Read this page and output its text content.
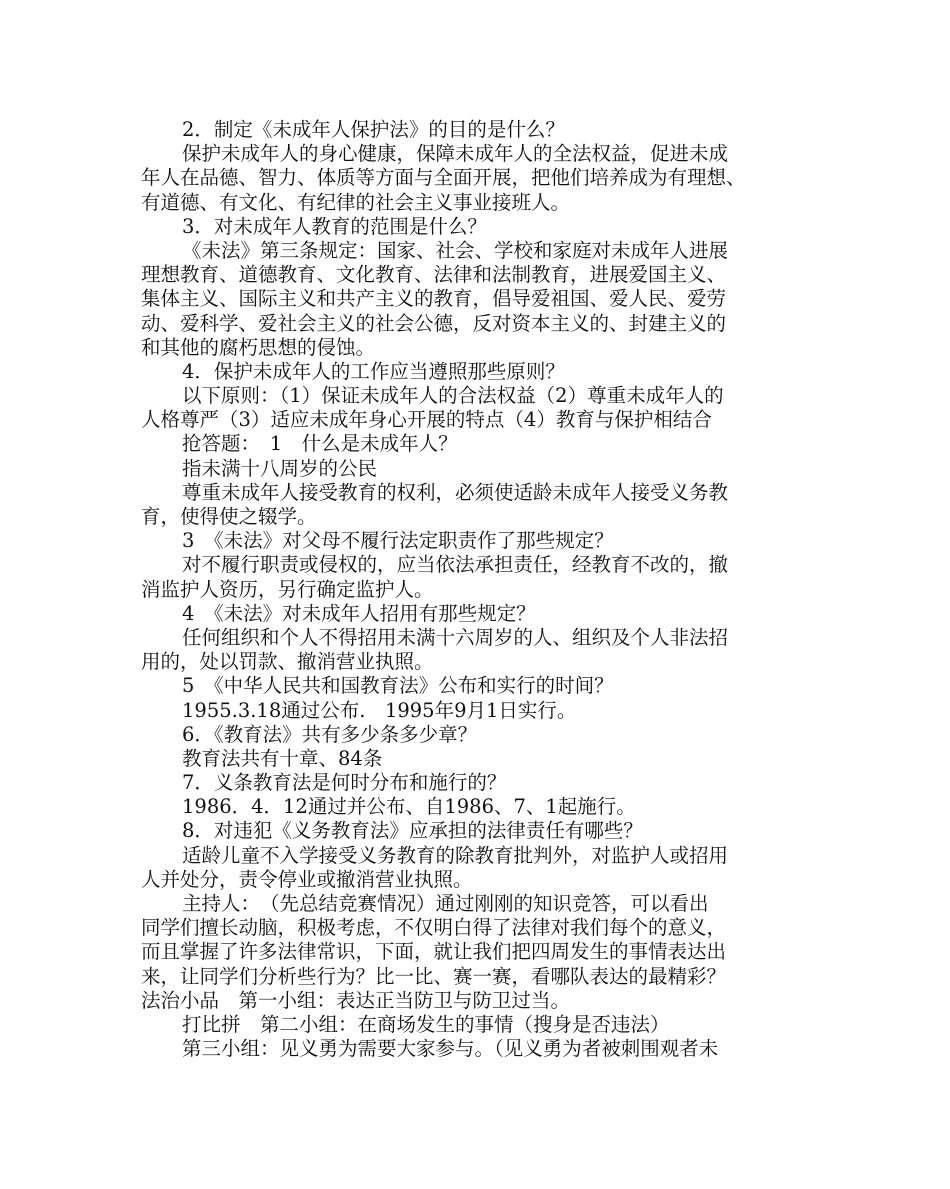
2．制定《未成年人保护法》的目的是什么？
保护未成年人的身心健康，保障未成年人的全法权益，促进未成
年人在品德、智力、体质等方面与全面开展，把他们培养成为有理想、
有道德、有文化、有纪律的社会主义事业接班人。
3．对未成年人教育的范围是什么？
《未法》第三条规定：国家、社会、学校和家庭对未成年人进展
理想教育、道德教育、文化教育、法律和法制教育，进展爱国主义、
集体主义、国际主义和共产主义的教育，倡导爱祖国、爱人民、爱劳
动、爱科学、爱社会主义的社会公德，反对资本主义的、封建主义的
和其他的腐朽思想的侵蚀。
4．保护未成年人的工作应当遵照那些原则？
以下原则：（1）保证未成年人的合法权益（2）尊重未成年人的
人格尊严（3）适应未成年身心开展的特点（4）教育与保护相结合
抢答题：　1　什么是未成年人？
指未满十八周岁的公民
尊重未成年人接受教育的权利，必须使适龄未成年人接受义务教
育，使得使之辍学。
3　《未法》对父母不履行法定职责作了那些规定？
对不履行职责或侵权的，应当依法承担责任，经教育不改的，撤
消监护人资历，另行确定监护人。
4　《未法》对未成年人招用有那些规定？
任何组织和个人不得招用未满十六周岁的人、组织及个人非法招
用的，处以罚款、撤消营业执照。
5　《中华人民共和国教育法》公布和实行的时间？
1955.3.18通过公布.　1995年9月1日实行。
6．《教育法》共有多少条多少章？
教育法共有十章、84条
7．义条教育法是何时分布和施行的？
1986．4．12通过并公布、自1986、7、1起施行。
8．对违犯《义务教育法》应承担的法律责任有哪些？
适龄儿童不入学接受义务教育的除教育批判外，对监护人或招用
人并处分，责令停业或撤消营业执照。
主持人：　（先总结竞赛情况）通过刚刚的知识竞答，可以看出
同学们擅长动脑，积极考虑，不仅明白得了法律对我们每个的意义，
而且掌握了许多法律常识，下面，就让我们把四周发生的事情表达出
来，让同学们分析些行为？比一比、赛一赛，看哪队表达的最精彩？
法治小品　第一小组：表达正当防卫与防卫过当。
打比拼　第二小组：在商场发生的事情（搜身是否违法）
第三小组：见义勇为需要大家参与。（见义勇为者被刺围观者未
